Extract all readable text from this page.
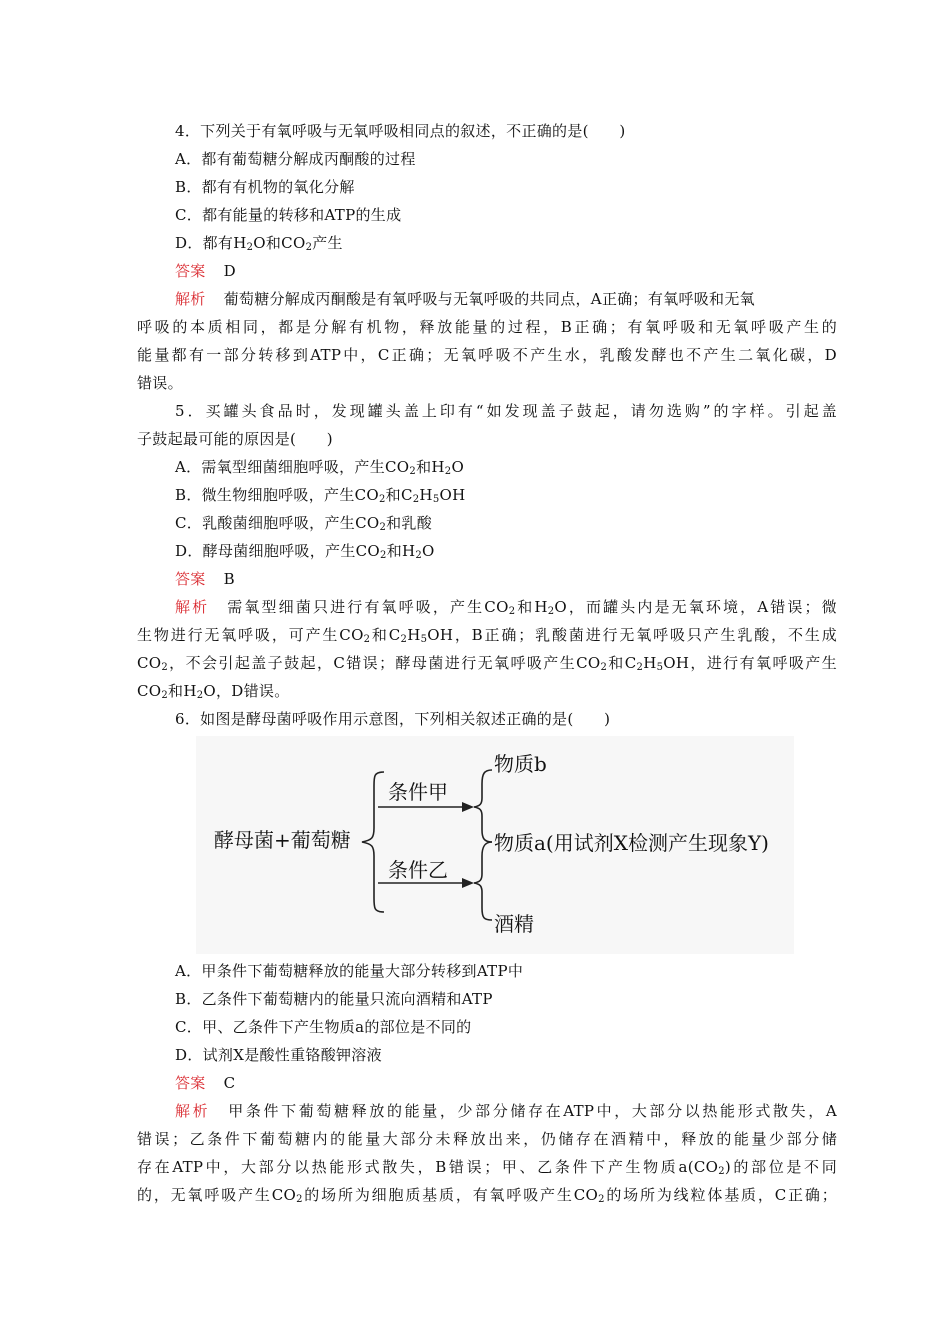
4．下列关于有氧呼吸与无氧呼吸相同点的叙述，不正确的是(　　)
A．都有葡萄糖分解成丙酮酸的过程
B．都有有机物的氧化分解
C．都有能量的转移和ATP的生成
D．都有$H_2O$和$CO_2$产生
答案 D
解析 葡萄糖分解成丙酮酸是有氧呼吸与无氧呼吸的共同点，A正确；有氧呼吸和无氧
呼吸的本质相同，都是分解有机物，释放能量的过程，B正确；有氧呼吸和无氧呼吸产生的
能量都有一部分转移到ATP中，C正确；无氧呼吸不产生水，乳酸发酵也不产生二氧化碳，D
错误。
5．买罐头食品时，发现罐头盖上印有“如发现盖子鼓起，请勿选购”的字样。引起盖
子鼓起最可能的原因是(　　)
A．需氧型细菌细胞呼吸，产生$CO_2$和$H_2O$
B．微生物细胞呼吸，产生$CO_2$和$C_2H_5OH$
C．乳酸菌细胞呼吸，产生$CO_2$和乳酸
D．酵母菌细胞呼吸，产生$CO_2$和$H_2O$
答案 B
解析 需氧型细菌只进行有氧呼吸，产生$CO_2$和$H_2O$，而罐头内是无氧环境，A错误；微
生物进行无氧呼吸，可产生$CO_2$和$C_2H_5OH$，B正确；乳酸菌进行无氧呼吸只产生乳酸，不生成
$CO_2$，不会引起盖子鼓起，C错误；酵母菌进行无氧呼吸产生$CO_2$和$C_2H_5OH$，进行有氧呼吸产生
$CO_2$和$H_2O$，D错误。
6．如图是酵母菌呼吸作用示意图，下列相关叙述正确的是(　　)
酵母菌+葡萄糖
条件甲
条件乙
物质b
物质a(用试剂X检测产生现象Y)
酒精
A．甲条件下葡萄糖释放的能量大部分转移到ATP中
B．乙条件下葡萄糖内的能量只流向酒精和ATP
C．甲、乙条件下产生物质a的部位是不同的
D．试剂X是酸性重铬酸钾溶液
答案 C
解析 甲条件下葡萄糖释放的能量，少部分储存在ATP中，大部分以热能形式散失，A
错误；乙条件下葡萄糖内的能量大部分未释放出来，仍储存在酒精中，释放的能量少部分储
存在ATP中，大部分以热能形式散失，B错误；甲、乙条件下产生物质$a(CO_2)$的部位是不同
的，无氧呼吸产生$CO_2$的场所为细胞质基质，有氧呼吸产生$CO_2$的场所为线粒体基质，C正确；
